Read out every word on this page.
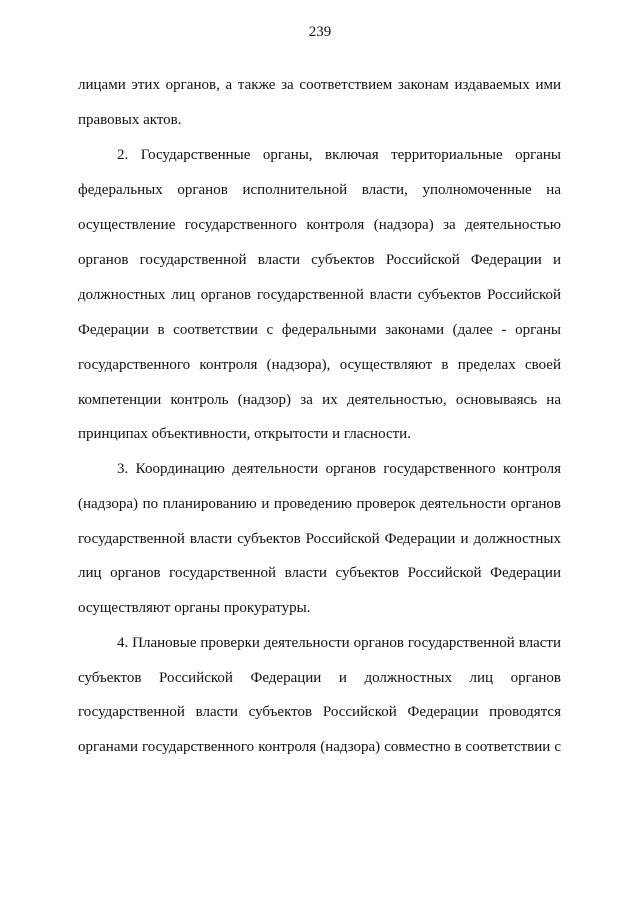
239
лицами этих органов, а также за соответствием законам издаваемых ими
правовых актов.
2. Государственные органы, включая территориальные органы
федеральных органов исполнительной власти, уполномоченные на
осуществление государственного контроля (надзора) за деятельностью
органов государственной власти субъектов Российской Федерации и
должностных лиц органов государственной власти субъектов Российской
Федерации в соответствии с федеральными законами (далее - органы
государственного контроля (надзора), осуществляют в пределах своей
компетенции контроль (надзор) за их деятельностью, основываясь на
принципах объективности, открытости и гласности.
3. Координацию деятельности органов государственного контроля
(надзора) по планированию и проведению проверок деятельности органов
государственной власти субъектов Российской Федерации и должностных
лиц органов государственной власти субъектов Российской Федерации
осуществляют органы прокуратуры.
4. Плановые проверки деятельности органов государственной власти
субъектов Российской Федерации и должностных лиц органов
государственной власти субъектов Российской Федерации проводятся
органами государственного контроля (надзора) совместно в соответствии с
